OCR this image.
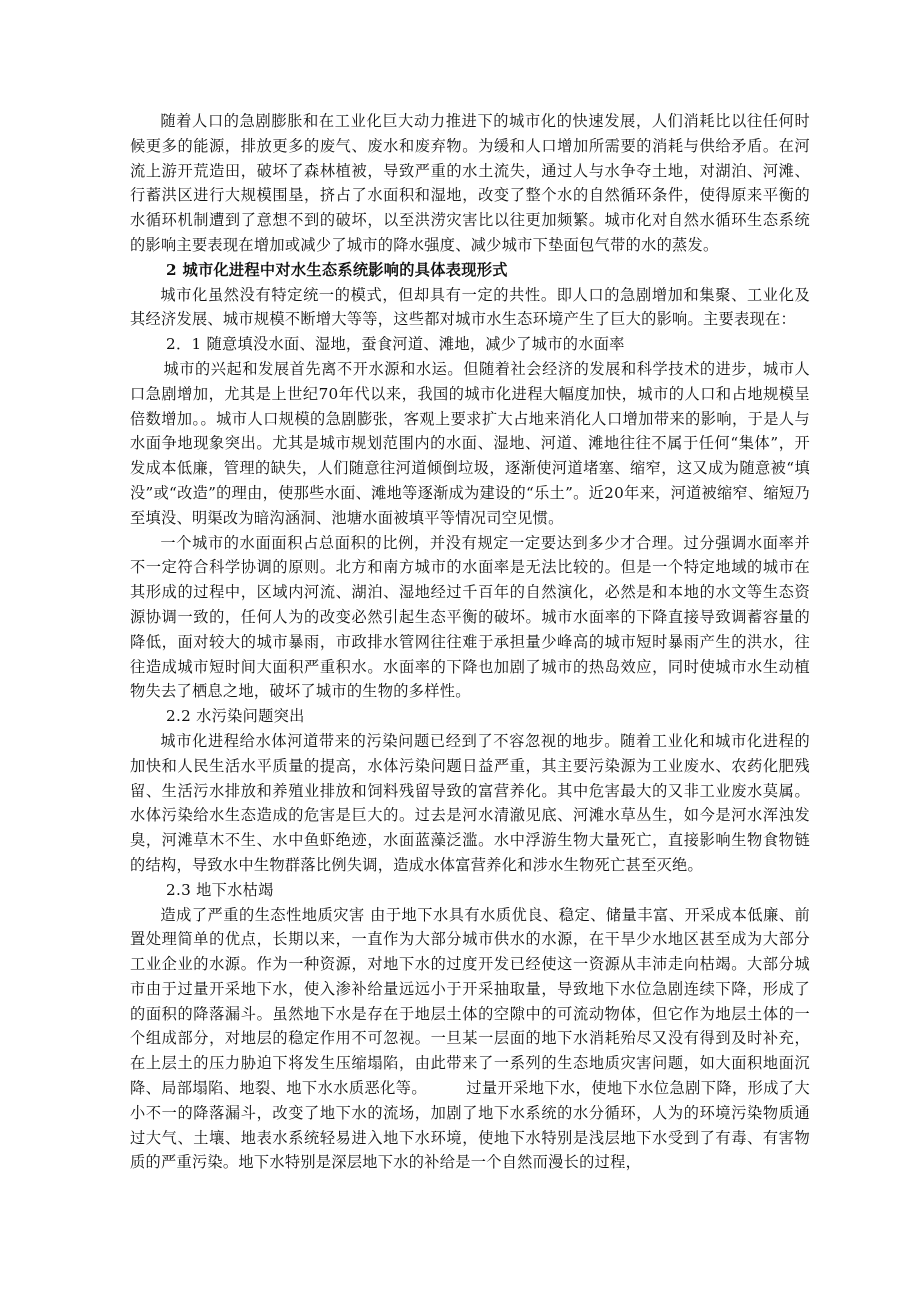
随着人口的急剧膨胀和在工业化巨大动力推进下的城市化的快速发展，人们消耗比以往任何时候更多的能源，排放更多的废气、废水和废弃物。为缓和人口增加所需要的消耗与供给矛盾。在河流上游开荒造田，破坏了森林植被，导致严重的水土流失，通过人与水争夺土地，对湖泊、河滩、行蓄洪区进行大规模围垦，挤占了水面积和湿地，改变了整个水的自然循环条件，使得原来平衡的水循环机制遭到了意想不到的破坏，以至洪涝灾害比以往更加频繁。城市化对自然水循环生态系统的影响主要表现在增加或减少了城市的降水强度、减少城市下垫面包气带的水的蒸发。

2 城市化进程中对水生态系统影响的具体表现形式

城市化虽然没有特定统一的模式，但却具有一定的共性。即人口的急剧增加和集聚、工业化及其经济发展、城市规模不断增大等等，这些都对城市水生态环境产生了巨大的影响。主要表现在：

2．1 随意填没水面、湿地，蚕食河道、滩地，减少了城市的水面率

城市的兴起和发展首先离不开水源和水运。但随着社会经济的发展和科学技术的进步，城市人口急剧增加，尤其是上世纪70年代以来，我国的城市化进程大幅度加快，城市的人口和占地规模呈倍数增加。。城市人口规模的急剧膨张，客观上要求扩大占地来消化人口增加带来的影响，于是人与水面争地现象突出。尤其是城市规划范围内的水面、湿地、河道、滩地往往不属于任何“集体”，开发成本低廉，管理的缺失，人们随意往河道倾倒垃圾，逐渐使河道堵塞、缩窄，这又成为随意被“填没”或“改造”的理由，使那些水面、滩地等逐渐成为建设的“乐土”。近20年来，河道被缩窄、缩短乃至填没、明渠改为暗沟涵洞、池塘水面被填平等情况司空见惯。

一个城市的水面面积占总面积的比例，并没有规定一定要达到多少才合理。过分强调水面率并不一定符合科学协调的原则。北方和南方城市的水面率是无法比较的。但是一个特定地域的城市在其形成的过程中，区域内河流、湖泊、湿地经过千百年的自然演化，必然是和本地的水文等生态资源协调一致的，任何人为的改变必然引起生态平衡的破坏。城市水面率的下降直接导致调蓄容量的降低，面对较大的城市暴雨，市政排水管网往往难于承担量少峰高的城市短时暴雨产生的洪水，往往造成城市短时间大面积严重积水。水面率的下降也加剧了城市的热岛效应，同时使城市水生动植物失去了栖息之地，破坏了城市的生物的多样性。

2.2 水污染问题突出

城市化进程给水体河道带来的污染问题已经到了不容忽视的地步。随着工业化和城市化进程的加快和人民生活水平质量的提高，水体污染问题日益严重，其主要污染源为工业废水、农药化肥残留、生活污水排放和养殖业排放和饲料残留导致的富营养化。其中危害最大的又非工业废水莫属。水体污染给水生态造成的危害是巨大的。过去是河水清澈见底、河滩水草丛生，如今是河水浑浊发臭，河滩草木不生、水中鱼虾绝迹，水面蓝藻泛滥。水中浮游生物大量死亡，直接影响生物食物链的结构，导致水中生物群落比例失调，造成水体富营养化和涉水生物死亡甚至灭绝。

2.3 地下水枯竭

造成了严重的生态性地质灾害 由于地下水具有水质优良、稳定、储量丰富、开采成本低廉、前置处理简单的优点，长期以来，一直作为大部分城市供水的水源，在干旱少水地区甚至成为大部分工业企业的水源。作为一种资源，对地下水的过度开发已经使这一资源从丰沛走向枯竭。大部分城市由于过量开采地下水，使入渗补给量远远小于开采抽取量，导致地下水位急剧连续下降，形成了的面积的降落漏斗。虽然地下水是存在于地层土体的空隙中的可流动物体，但它作为地层土体的一个组成部分，对地层的稳定作用不可忽视。一旦某一层面的地下水消耗殆尽又没有得到及时补充，在上层土的压力胁迫下将发生压缩塌陷，由此带来了一系列的生态地质灾害问题，如大面积地面沉降、局部塌陷、地裂、地下水水质恶化等。　　　过量开采地下水，使地下水位急剧下降，形成了大小不一的降落漏斗，改变了地下水的流场，加剧了地下水系统的水分循环，人为的环境污染物质通过大气、土壤、地表水系统轻易进入地下水环境，使地下水特别是浅层地下水受到了有毒、有害物质的严重污染。地下水特别是深层地下水的补给是一个自然而漫长的过程，
